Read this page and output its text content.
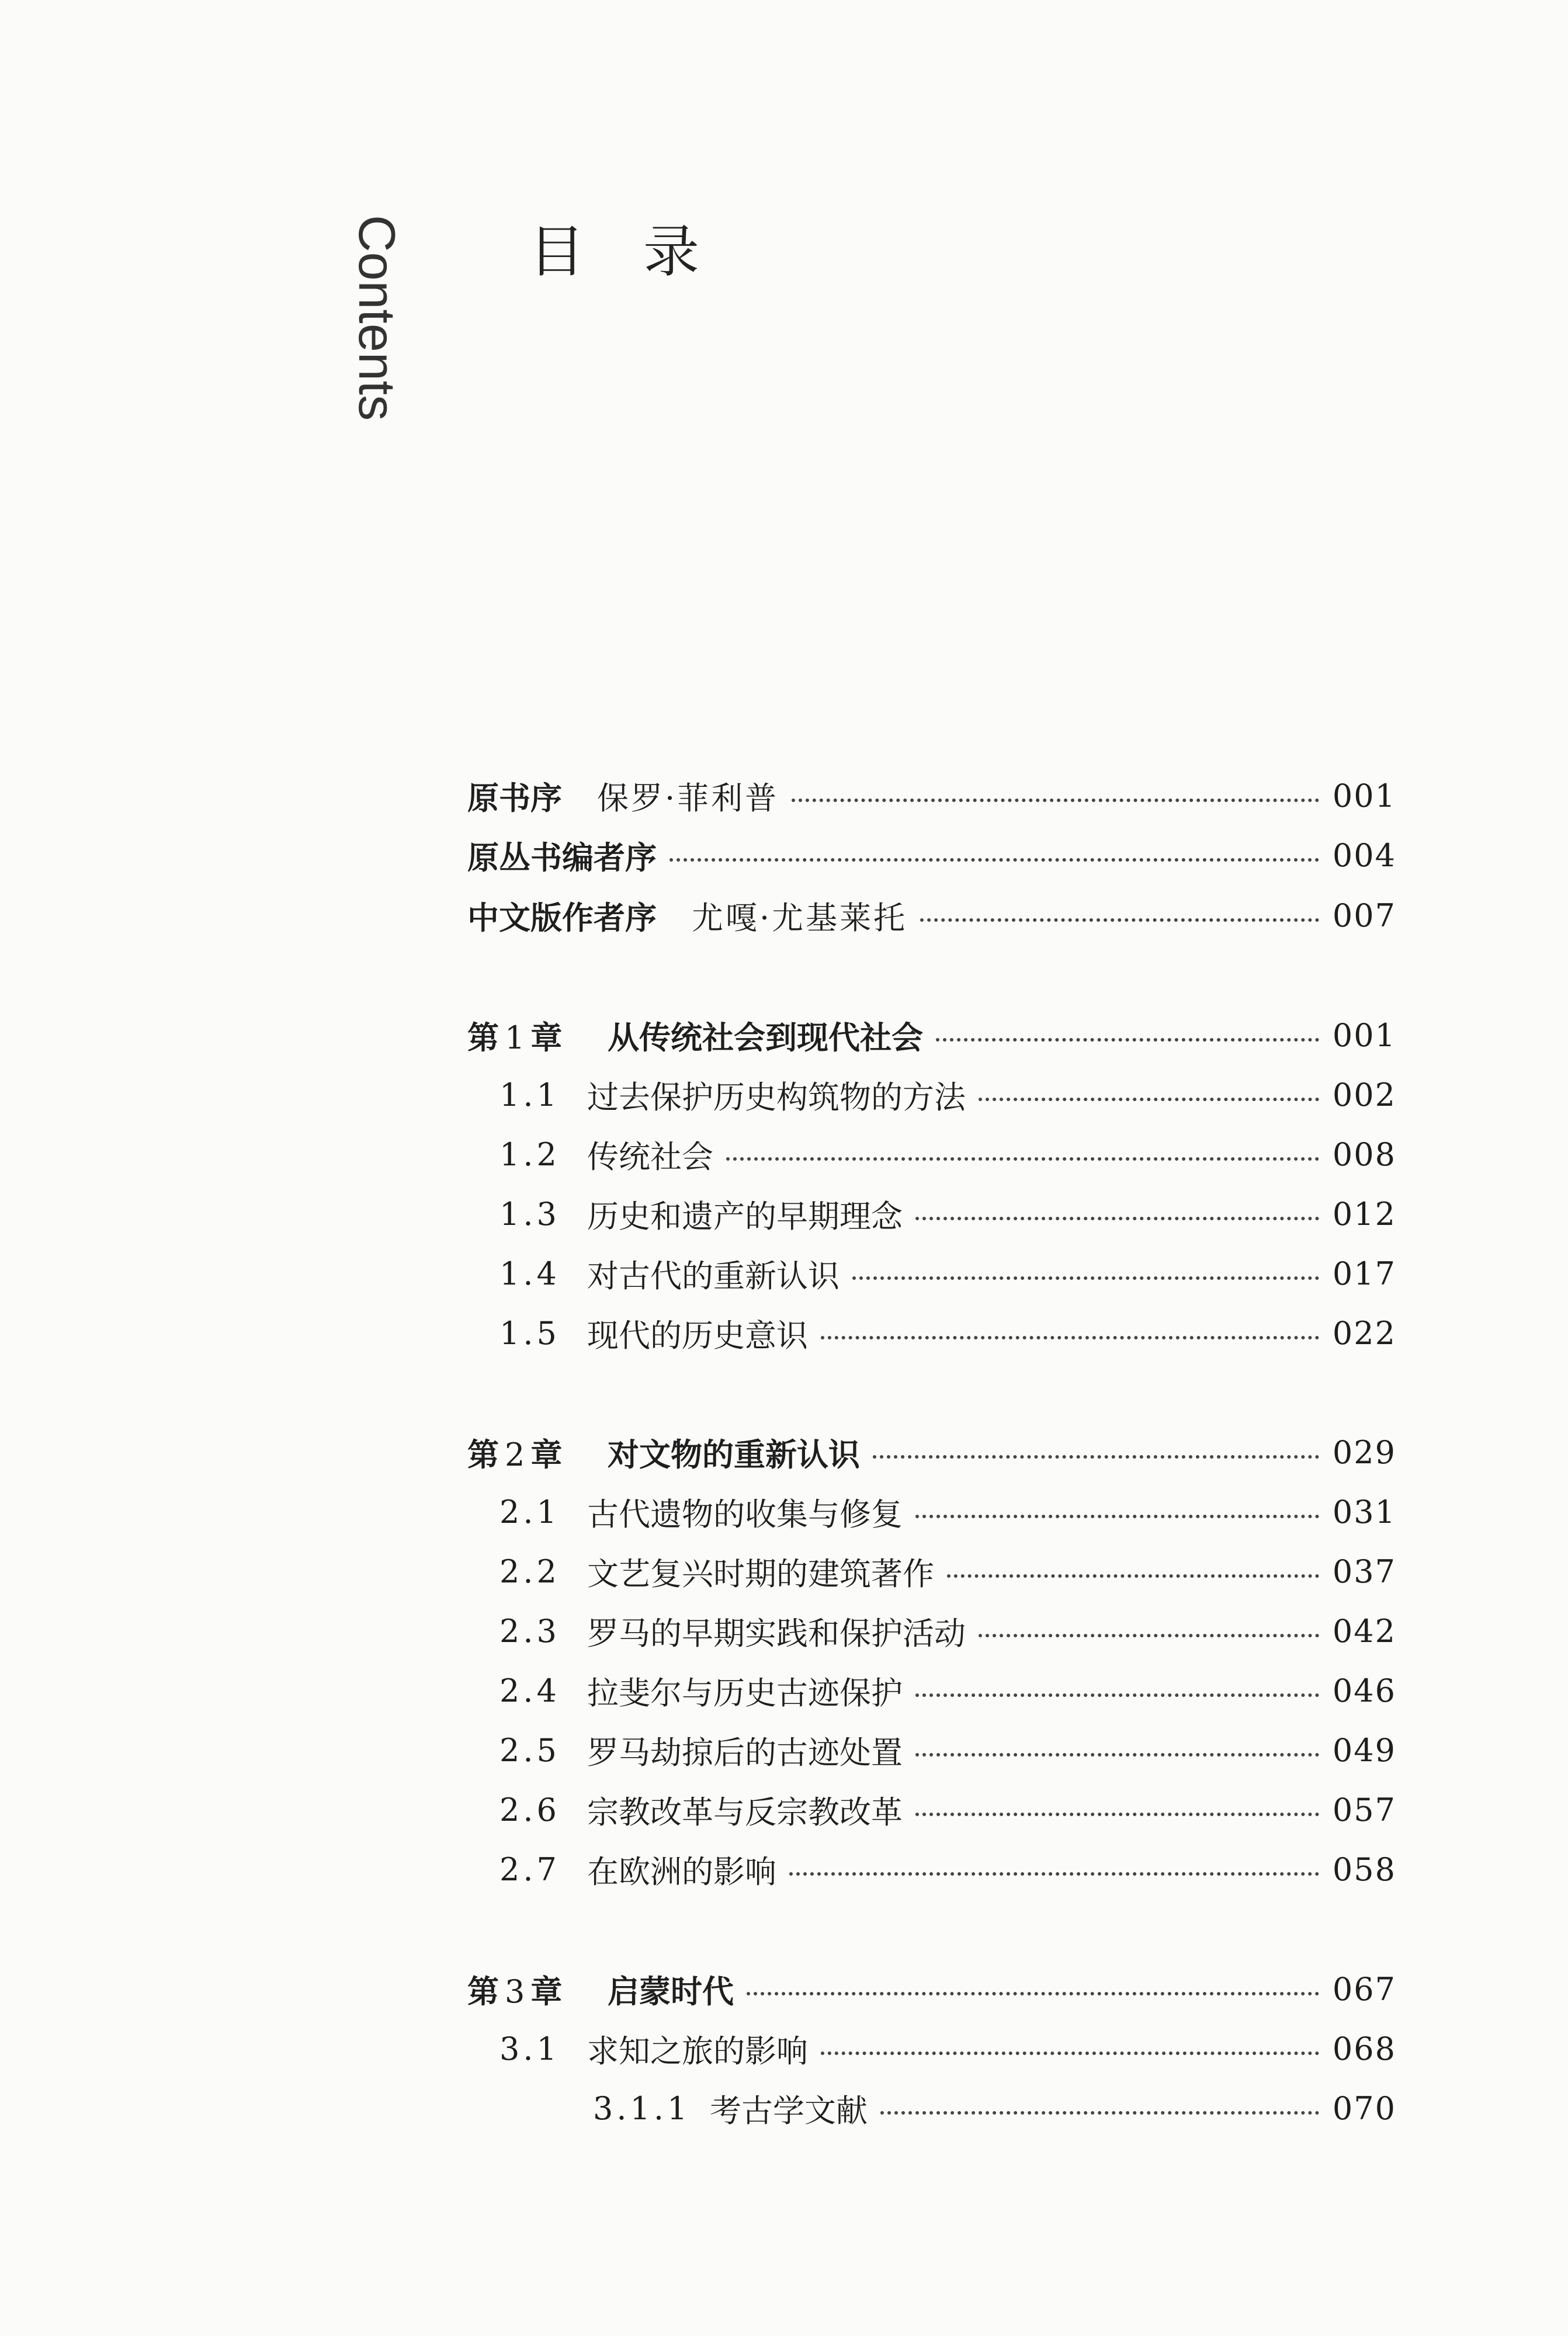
Contents 目录
原书序 保罗·菲利普	001
原丛书编者序	004
中文版作者序 尤嘎·尤基莱托	007
第 1 章	从传统社会到现代社会	001
1.1 过去保护历史构筑物的方法	002
1.2 传统社会	008
1.3 历史和遗产的早期理念	012
1.4 对古代的重新认识	017
1.5 现代的历史意识	022
第 2 章	对文物的重新认识	029
2.1 古代遗物的收集与修复	031
2.2 文艺复兴时期的建筑著作	037
2.3 罗马的早期实践和保护活动	042
2.4 拉斐尔与历史古迹保护	046
2.5 罗马劫掠后的古迹处置	049
2.6 宗教改革与反宗教改革	057
2.7 在欧洲的影响	058
第 3 章	启蒙时代	067
3.1 求知之旅的影响	068
3.1.1 考古学文献	070
